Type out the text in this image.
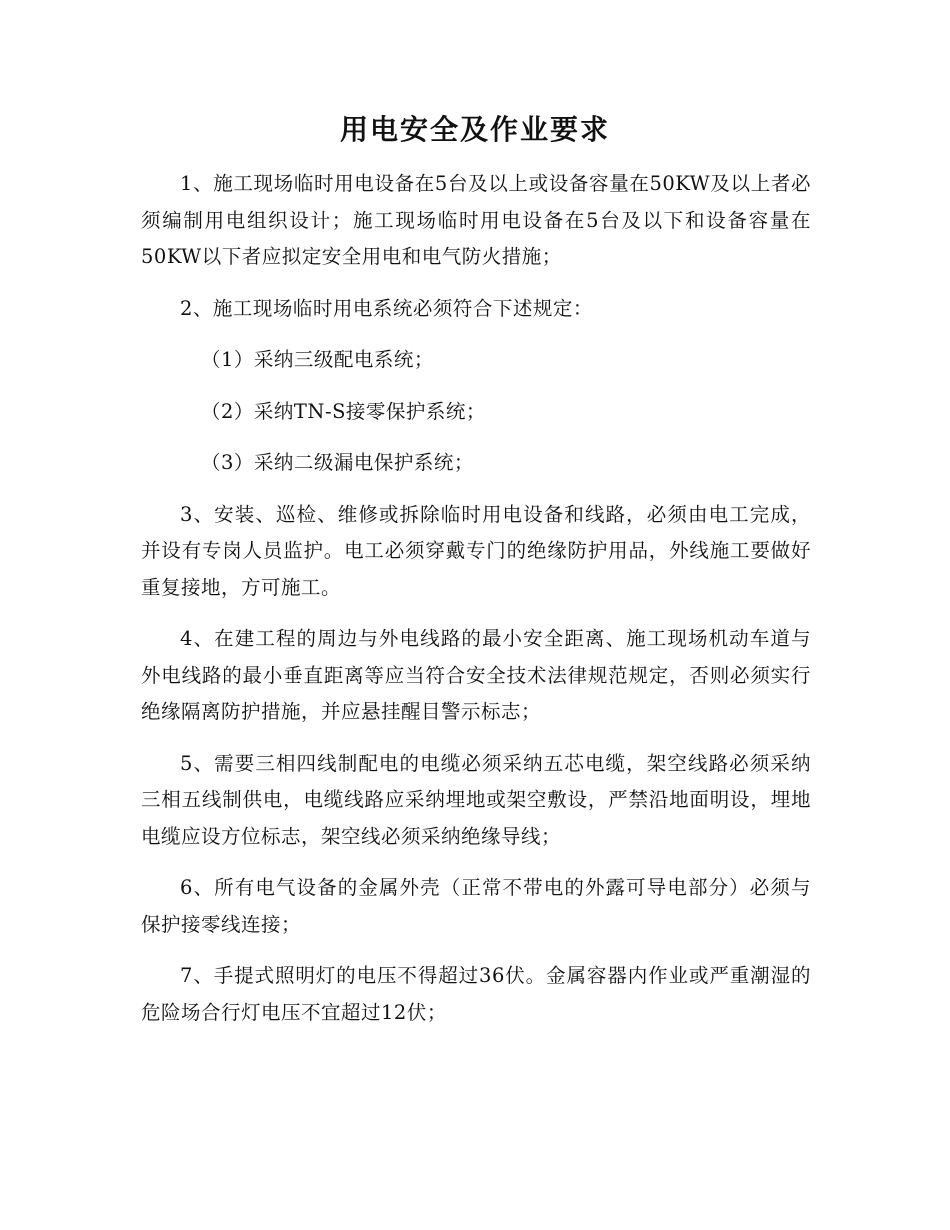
用电安全及作业要求

1、施工现场临时用电设备在5台及以上或设备容量在50KW及以上者必须编制用电组织设计；施工现场临时用电设备在5台及以下和设备容量在50KW以下者应拟定安全用电和电气防火措施；

2、施工现场临时用电系统必须符合下述规定：

（1）采纳三级配电系统；

（2）采纳TN-S接零保护系统；

（3）采纳二级漏电保护系统；

3、安装、巡检、维修或拆除临时用电设备和线路，必须由电工完成，并设有专岗人员监护。电工必须穿戴专门的绝缘防护用品，外线施工要做好重复接地，方可施工。

4、在建工程的周边与外电线路的最小安全距离、施工现场机动车道与外电线路的最小垂直距离等应当符合安全技术法律规范规定，否则必须实行绝缘隔离防护措施，并应悬挂醒目警示标志；

5、需要三相四线制配电的电缆必须采纳五芯电缆，架空线路必须采纳三相五线制供电，电缆线路应采纳埋地或架空敷设，严禁沿地面明设，埋地电缆应设方位标志，架空线必须采纳绝缘导线；

6、所有电气设备的金属外壳（正常不带电的外露可导电部分）必须与保护接零线连接；

7、手提式照明灯的电压不得超过36伏。金属容器内作业或严重潮湿的危险场合行灯电压不宜超过12伏；
